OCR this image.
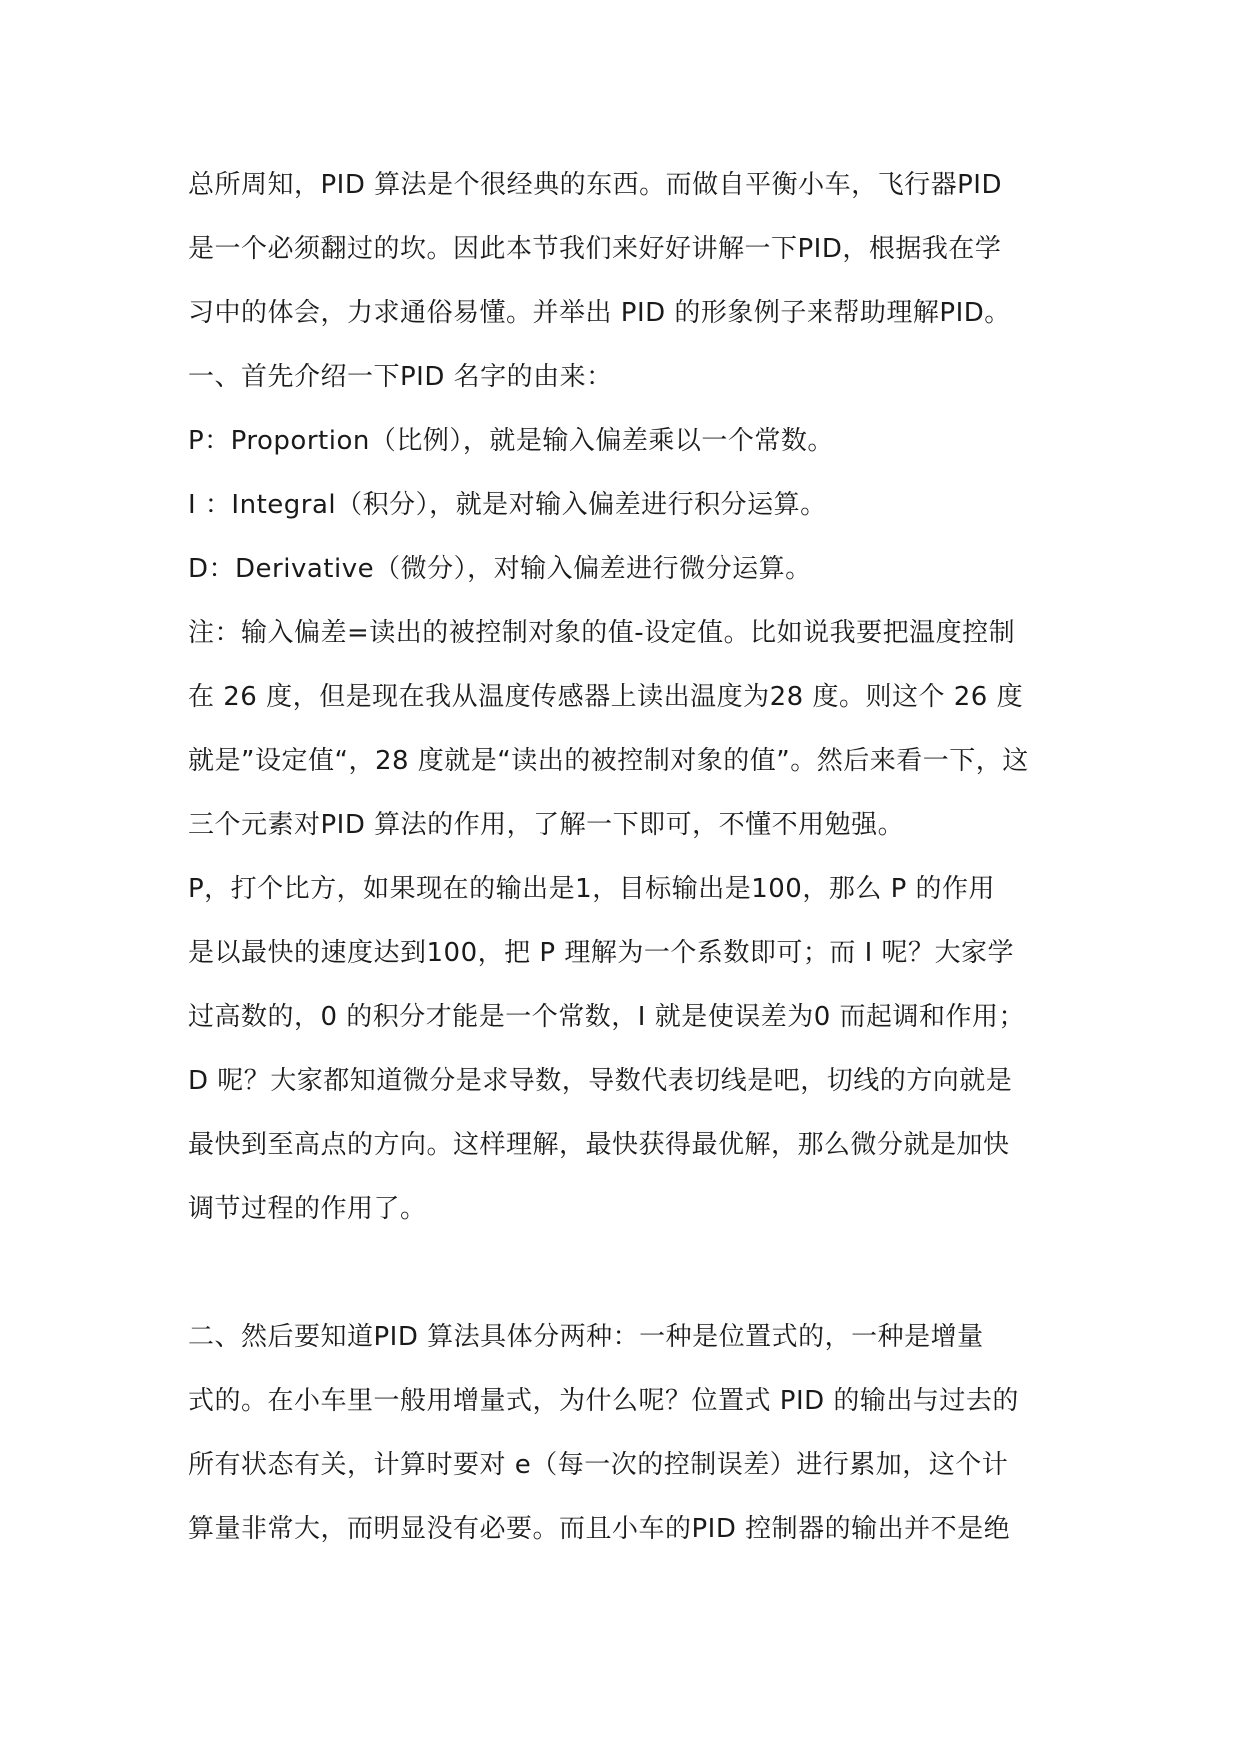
总所周知，PID 算法是个很经典的东西。而做自平衡小车，飞行器PID
是一个必须翻过的坎。因此本节我们来好好讲解一下PID，根据我在学
习中的体会，力求通俗易懂。并举出 PID 的形象例子来帮助理解PID。
一、首先介绍一下PID 名字的由来：
P：Proportion（比例），就是输入偏差乘以一个常数。
I ：Integral（积分），就是对输入偏差进行积分运算。
D：Derivative（微分），对输入偏差进行微分运算。
注：输入偏差=读出的被控制对象的值-设定值。比如说我要把温度控制
在 26 度，但是现在我从温度传感器上读出温度为28 度。则这个 26 度
就是”设定值“，28 度就是“读出的被控制对象的值”。然后来看一下，这
三个元素对PID 算法的作用，了解一下即可，不懂不用勉强。
P，打个比方，如果现在的输出是1，目标输出是100，那么 P 的作用
是以最快的速度达到100，把 P 理解为一个系数即可；而 I 呢？大家学
过高数的，0 的积分才能是一个常数，I 就是使误差为0 而起调和作用；
D 呢？大家都知道微分是求导数，导数代表切线是吧，切线的方向就是
最快到至高点的方向。这样理解，最快获得最优解，那么微分就是加快
调节过程的作用了。
二、然后要知道PID 算法具体分两种：一种是位置式的，一种是增量
式的。在小车里一般用增量式，为什么呢？位置式 PID 的输出与过去的
所有状态有关，计算时要对 e（每一次的控制误差）进行累加，这个计
算量非常大，而明显没有必要。而且小车的PID 控制器的输出并不是绝
